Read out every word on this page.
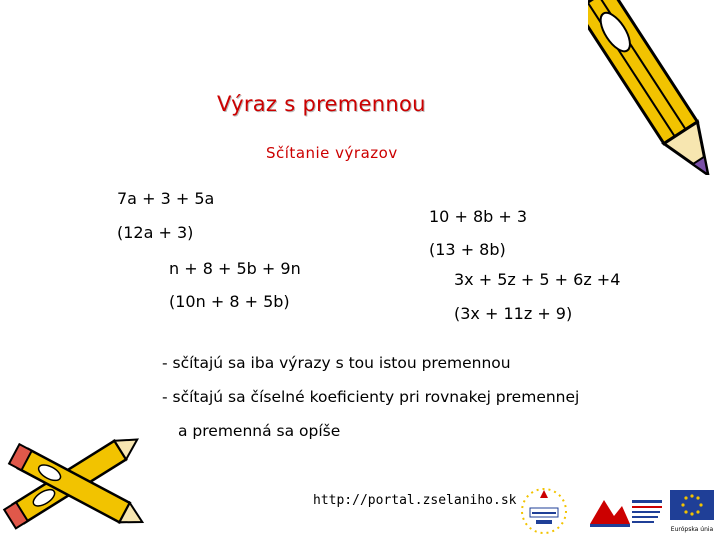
Výraz s premennou
Sčítanie výrazov
7a + 3 + 5a
(12a + 3)
n + 8 + 5b + 9n
(10n + 8 + 5b)
10 + 8b + 3
(13 + 8b)
3x + 5z + 5 + 6z +4
(3x + 11z + 9)
- sčítajú sa iba výrazy s tou istou premennou
- sčítajú sa číselné koeficienty pri rovnakej premennej
a premenná sa opíše
http://portal.zselaniho.sk
Európska únia
